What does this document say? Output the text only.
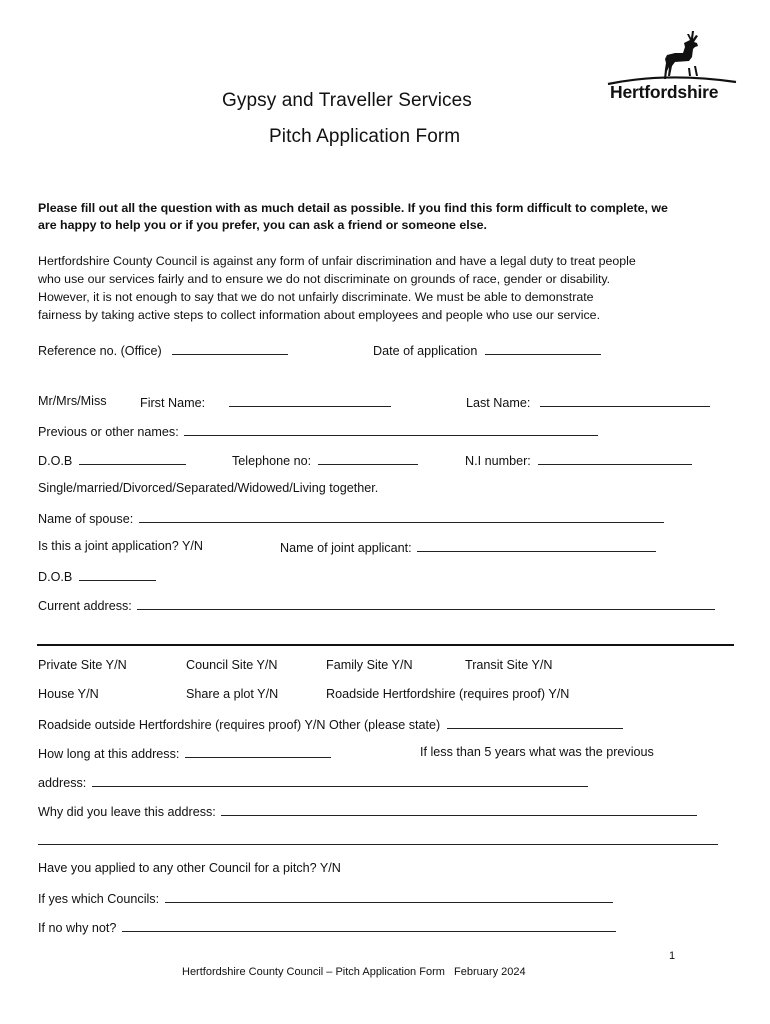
Hertfordshire
Gypsy and Traveller Services
Pitch Application Form
Please fill out all the question with as much detail as possible. If you find this form difficult to complete, we
are happy to help you or if you prefer, you can ask a friend or someone else.
Hertfordshire County Council is against any form of unfair discrimination and have a legal duty to treat people
who use our services fairly and to ensure we do not discriminate on grounds of race, gender or disability.
However, it is not enough to say that we do not unfairly discriminate. We must be able to demonstrate
fairness by taking active steps to collect information about employees and people who use our service.
Reference no. (Office)	Date of application
Mr/Mrs/Miss	First Name:	Last Name:
Previous or other names:
D.O.B	Telephone no:	N.I number:
Single/married/Divorced/Separated/Widowed/Living together.
Name of spouse:
Is this a joint application? Y/N	Name of joint applicant:
D.O.B
Current address:
Private Site Y/N	Council Site Y/N	Family Site Y/N	Transit Site Y/N
House Y/N	Share a plot Y/N	Roadside Hertfordshire (requires proof) Y/N
Roadside outside Hertfordshire (requires proof) Y/N Other (please state)
How long at this address:	If less than 5 years what was the previous
address:
Why did you leave this address:
Have you applied to any other Council for a pitch? Y/N
If yes which Councils:
If no why not?
1
Hertfordshire County Council – Pitch Application Form   February 2024
